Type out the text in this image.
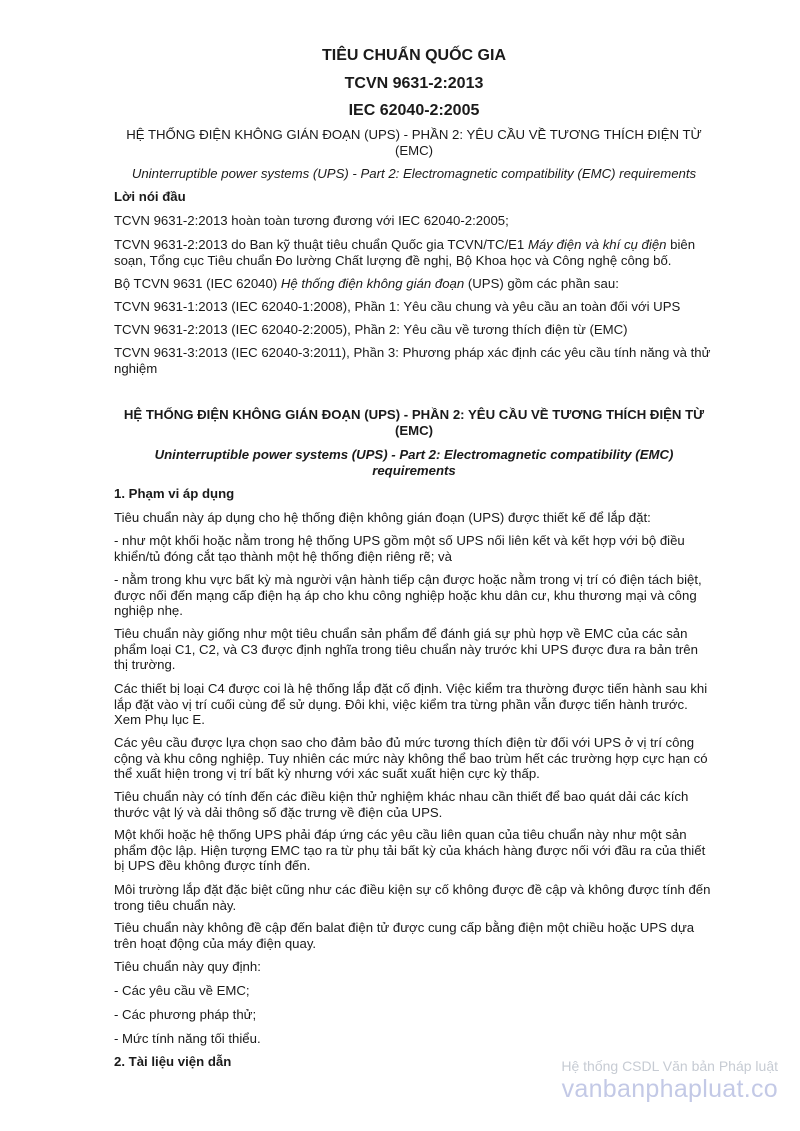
TIÊU CHUẨN QUỐC GIA
TCVN 9631-2:2013
IEC 62040-2:2005
HỆ THỐNG ĐIỆN KHÔNG GIÁN ĐOẠN (UPS) - PHẦN 2: YÊU CẦU VỀ TƯƠNG THÍCH ĐIỆN TỪ (EMC)
Uninterruptible power systems (UPS) - Part 2: Electromagnetic compatibility (EMC) requirements
Lời nói đầu
TCVN 9631-2:2013 hoàn toàn tương đương với IEC 62040-2:2005;
TCVN 9631-2:2013 do Ban kỹ thuật tiêu chuẩn Quốc gia TCVN/TC/E1 Máy điện và khí cụ điện biên soạn, Tổng cục Tiêu chuẩn Đo lường Chất lượng đề nghị, Bộ Khoa học và Công nghệ công bố.
Bộ TCVN 9631 (IEC 62040) Hệ thống điện không gián đoạn (UPS) gồm các phần sau:
TCVN 9631-1:2013 (IEC 62040-1:2008), Phần 1: Yêu cầu chung và yêu cầu an toàn đối với UPS
TCVN 9631-2:2013 (IEC 62040-2:2005), Phần 2: Yêu cầu về tương thích điện từ (EMC)
TCVN 9631-3:2013 (IEC 62040-3:2011), Phần 3: Phương pháp xác định các yêu cầu tính năng và thử nghiệm
HỆ THỐNG ĐIỆN KHÔNG GIÁN ĐOẠN (UPS) - PHẦN 2: YÊU CẦU VỀ TƯƠNG THÍCH ĐIỆN TỪ (EMC)
Uninterruptible power systems (UPS) - Part 2: Electromagnetic compatibility (EMC) requirements
1. Phạm vi áp dụng
Tiêu chuẩn này áp dụng cho hệ thống điện không gián đoạn (UPS) được thiết kế để lắp đặt:
- như một khối hoặc nằm trong hệ thống UPS gồm một số UPS nối liên kết và kết hợp với bộ điều khiển/tủ đóng cắt tạo thành một hệ thống điện riêng rẽ; và
- nằm trong khu vực bất kỳ mà người vận hành tiếp cận được hoặc nằm trong vị trí có điện tách biệt, được nối đến mạng cấp điện hạ áp cho khu công nghiệp hoặc khu dân cư, khu thương mại và công nghiệp nhẹ.
Tiêu chuẩn này giống như một tiêu chuẩn sản phẩm để đánh giá sự phù hợp về EMC của các sản phẩm loại C1, C2, và C3 được định nghĩa trong tiêu chuẩn này trước khi UPS được đưa ra bản trên thị trường.
Các thiết bị loại C4 được coi là hệ thống lắp đặt cố định. Việc kiểm tra thường được tiến hành sau khi lắp đặt vào vị trí cuối cùng để sử dụng. Đôi khi, việc kiểm tra từng phần vẫn được tiến hành trước. Xem Phụ lục E.
Các yêu cầu được lựa chọn sao cho đảm bảo đủ mức tương thích điện từ đối với UPS ở vị trí công cộng và khu công nghiệp. Tuy nhiên các mức này không thể bao trùm hết các trường hợp cực hạn có thể xuất hiện trong vị trí bất kỳ nhưng với xác suất xuất hiện cực kỳ thấp.
Tiêu chuẩn này có tính đến các điều kiện thử nghiệm khác nhau cần thiết để bao quát dải các kích thước vật lý và dải thông số đặc trưng về điện của UPS.
Một khối hoặc hệ thống UPS phải đáp ứng các yêu cầu liên quan của tiêu chuẩn này như một sản phẩm độc lập. Hiện tượng EMC tạo ra từ phụ tải bất kỳ của khách hàng được nối với đầu ra của thiết bị UPS đều không được tính đến.
Môi trường lắp đặt đặc biệt cũng như các điều kiện sự cố không được đề cập và không được tính đến trong tiêu chuẩn này.
Tiêu chuẩn này không đề cập đến balat điện tử được cung cấp bằng điện một chiều hoặc UPS dựa trên hoạt động của máy điện quay.
Tiêu chuẩn này quy định:
- Các yêu cầu về EMC;
- Các phương pháp thử;
- Mức tính năng tối thiểu.
2. Tài liệu viện dẫn	Hệ thống CSDL Văn bản Pháp luật
vanbanphapluat.co
